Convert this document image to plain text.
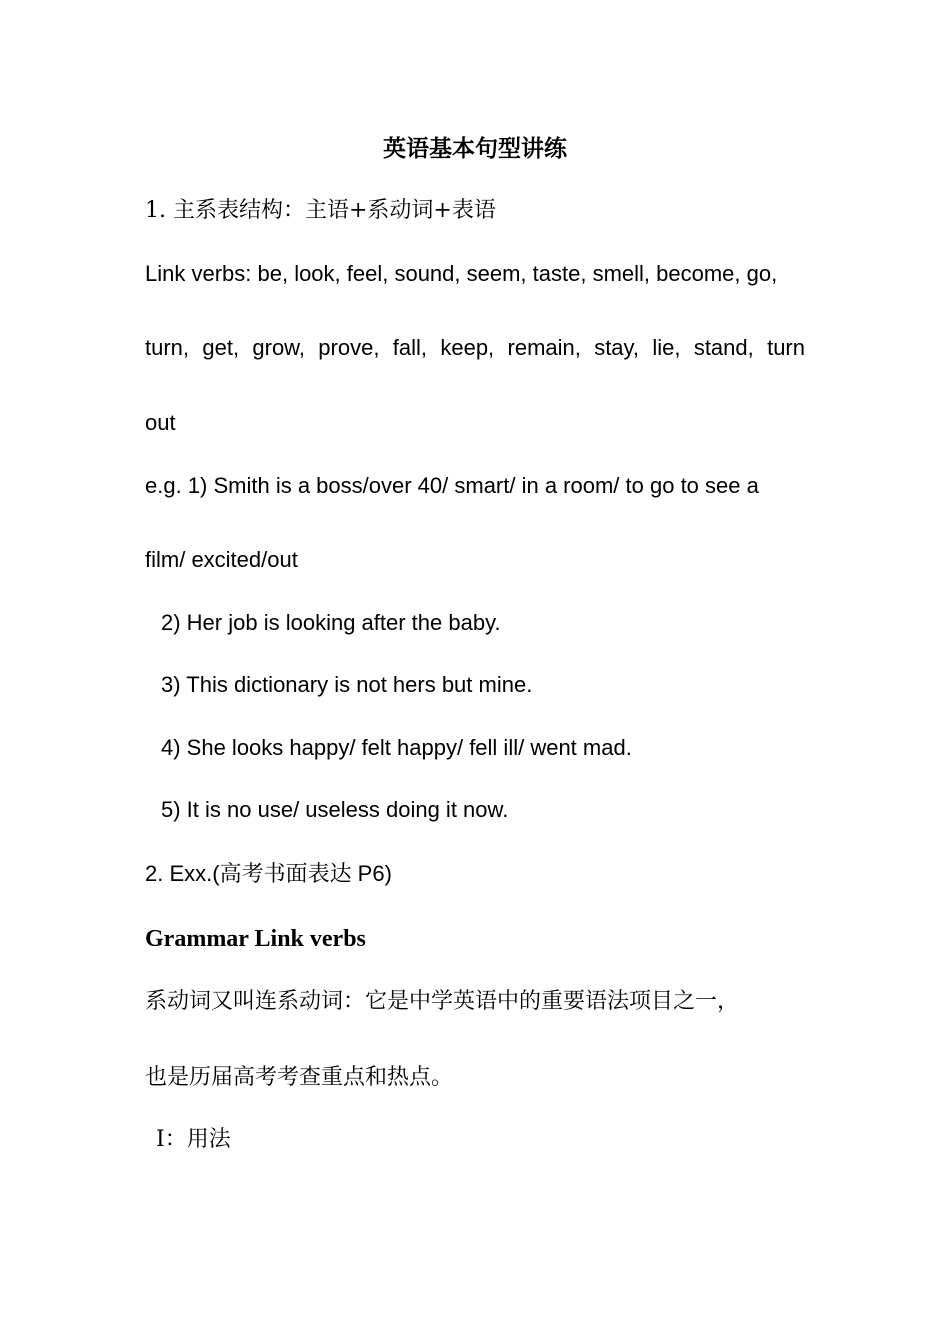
英语基本句型讲练
1. 主系表结构：主语+系动词+表语
Link verbs: be, look, feel, sound, seem, taste, smell, become, go,
turn, get, grow, prove, fall, keep, remain, stay, lie, stand, turn
out
e.g. 1) Smith is a boss/over 40/ smart/ in a room/ to go to see a
film/ excited/out
2) Her job is looking after the baby.
3) This dictionary is not hers but mine.
4) She looks happy/ felt happy/ fell ill/ went mad.
5) It is no use/ useless doing it now.
2. Exx.(高考书面表达 P6)
Grammar Link verbs
系动词又叫连系动词：它是中学英语中的重要语法项目之一，
也是历届高考考查重点和热点。
I：用法
